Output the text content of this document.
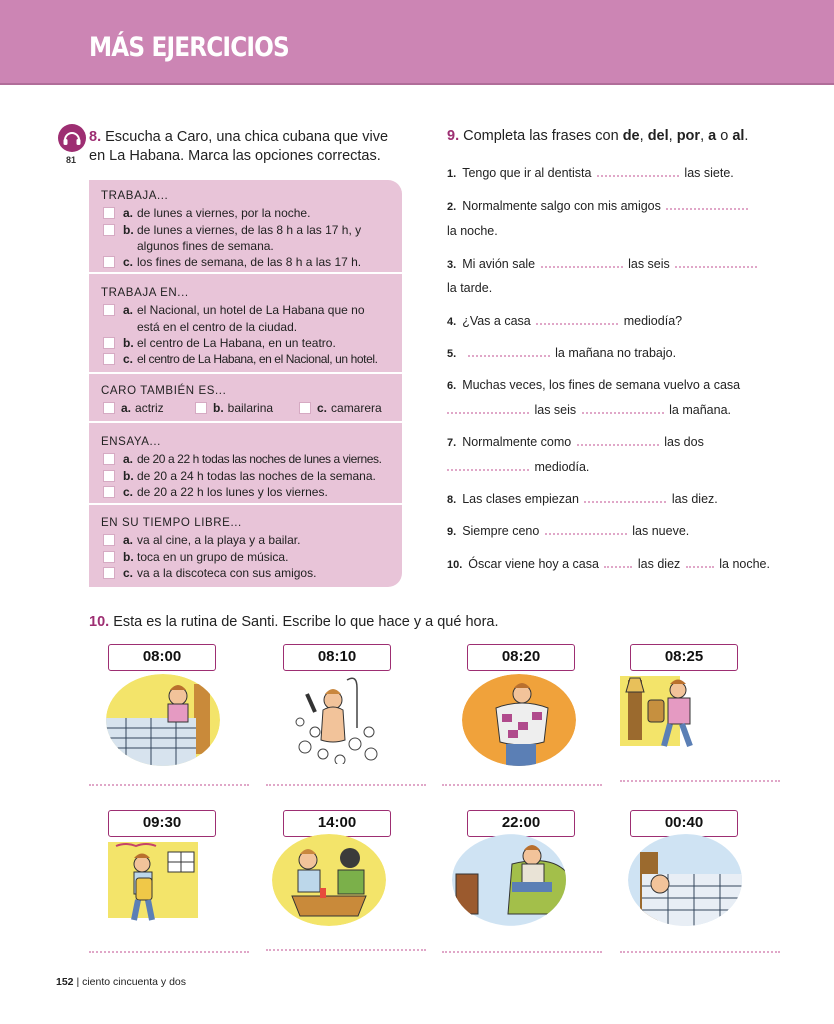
MÁS EJERCICIOS
81
8. Escucha a Caro, una chica cubana que vive
en La Habana. Marca las opciones correctas.
TRABAJA...
a. de lunes a viernes, por la noche.
b. de lunes a viernes, de las 8 h a las 17 h, y
algunos fines de semana.
c. los fines de semana, de las 8 h a las 17 h.
TRABAJA EN...
a. el Nacional, un hotel de La Habana que no
está en el centro de la ciudad.
b. el centro de La Habana, en un teatro.
c. el centro de La Habana, en el Nacional, un hotel.
CARO TAMBIÉN ES...
a. actriz	b. bailarina	c. camarera
ENSAYA...
a. de 20 a 22 h todas las noches de lunes a viernes.
b. de 20 a 24 h todas las noches de la semana.
c. de 20 a 22 h los lunes y los viernes.
EN SU TIEMPO LIBRE...
a. va al cine, a la playa y a bailar.
b. toca en un grupo de música.
c. va a la discoteca con sus amigos.
9. Completa las frases con de, del, por, a o al.
1. Tengo que ir al dentista	las siete.
2. Normalmente salgo con mis amigos
la noche.
3. Mi avión sale	las seis
la tarde.
4. ¿Vas a casa	mediodía?
5.	la mañana no trabajo.
6. Muchas veces, los fines de semana vuelvo a casa
las seis	la mañana.
7. Normalmente como	las dos
mediodía.
8. Las clases empiezan	las diez.
9. Siempre ceno	las nueve.
10. Óscar viene hoy a casa	las diez	la noche.
10. Esta es la rutina de Santi. Escribe lo que hace y a qué hora.
08:00	08:10	08:20	08:25
09:30	14:00	22:00	00:40
152 | ciento cincuenta y dos
